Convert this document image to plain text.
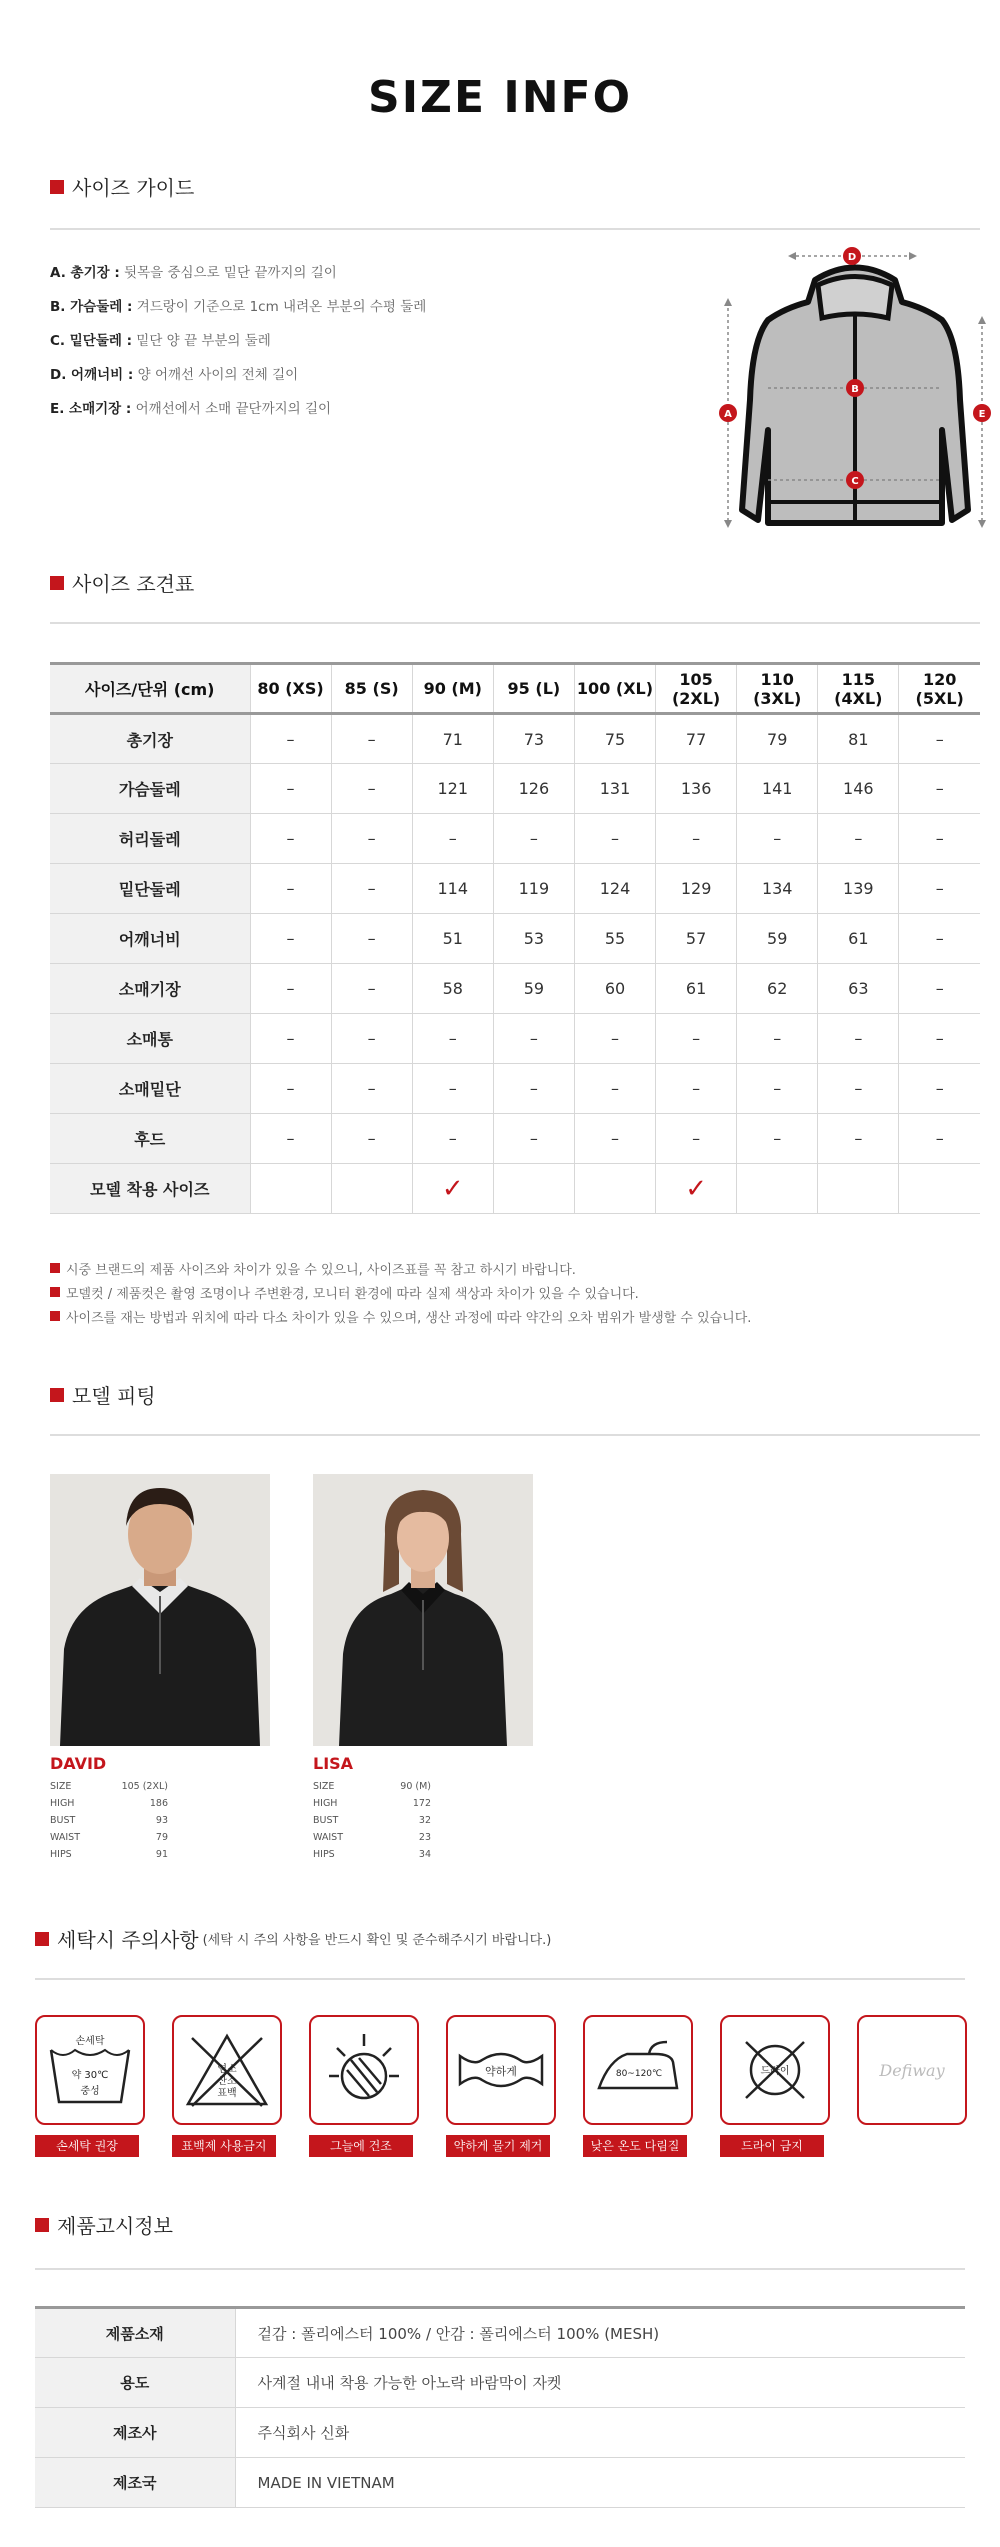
SIZE INFO
사이즈 가이드
A. 총기장 : 뒷목을 중심으로 밑단 끝까지의 길이
B. 가슴둘레 : 겨드랑이 기준으로 1cm 내려온 부분의 수평 둘레
C. 밑단둘레 : 밑단 양 끝 부분의 둘레
D. 어깨너비 : 양 어깨선 사이의 전체 길이
E. 소매기장 : 어깨선에서 소매 끝단까지의 길이
D
B
C
A	E
사이즈 조견표
사이즈/단위 (cm)	80 (XS)	85 (S)	90 (M)	95 (L)	100 (XL)	105 (2XL)	110 (3XL)	115 (4XL)	120 (5XL)
총기장	–	–	71	73	75	77	79	81	–
가슴둘레	–	–	121	126	131	136	141	146	–
허리둘레	–	–	–	–	–	–	–	–	–
밑단둘레	–	–	114	119	124	129	134	139	–
어깨너비	–	–	51	53	55	57	59	61	–
소매기장	–	–	58	59	60	61	62	63	–
소매통	–	–	–	–	–	–	–	–	–
소매밑단	–	–	–	–	–	–	–	–	–
후드	–	–	–	–	–	–	–	–	–
모델 착용 사이즈			✓			✓			
시중 브랜드의 제품 사이즈와 차이가 있을 수 있으니, 사이즈표를 꼭 참고 하시기 바랍니다.
모델컷 / 제품컷은 촬영 조명이나 주변환경, 모니터 환경에 따라 실제 색상과 차이가 있을 수 있습니다.
사이즈를 재는 방법과 위치에 따라 다소 차이가 있을 수 있으며, 생산 과정에 따라 약간의 오차 범위가 발생할 수 있습니다.
모델 피팅
DAVID
SIZE	105 (2XL)
HIGH	186
BUST	93
WAIST	79
HIPS	91
LISA
SIZE	90 (M)
HIGH	172
BUST	32
WAIST	23
HIPS	34
세탁시 주의사항 (세탁 시 주의 사항을 반드시 확인 및 준수해주시기 바랍니다.)
손세탁
약 30℃
중성
손세탁 권장
염소
산소
표백
표백제 사용금지	그늘에 건조
약하게
약하게 물기 제거
80~120℃
낮은 온도 다림질
드라이
드라이 금지
Defiway
제품고시정보
제품소재	겉감 : 폴리에스터 100% / 안감 : 폴리에스터 100% (MESH)
용도	사계절 내내 착용 가능한 아노락 바람막이 자켓
제조사	주식회사 신화
제조국	MADE IN VIETNAM
